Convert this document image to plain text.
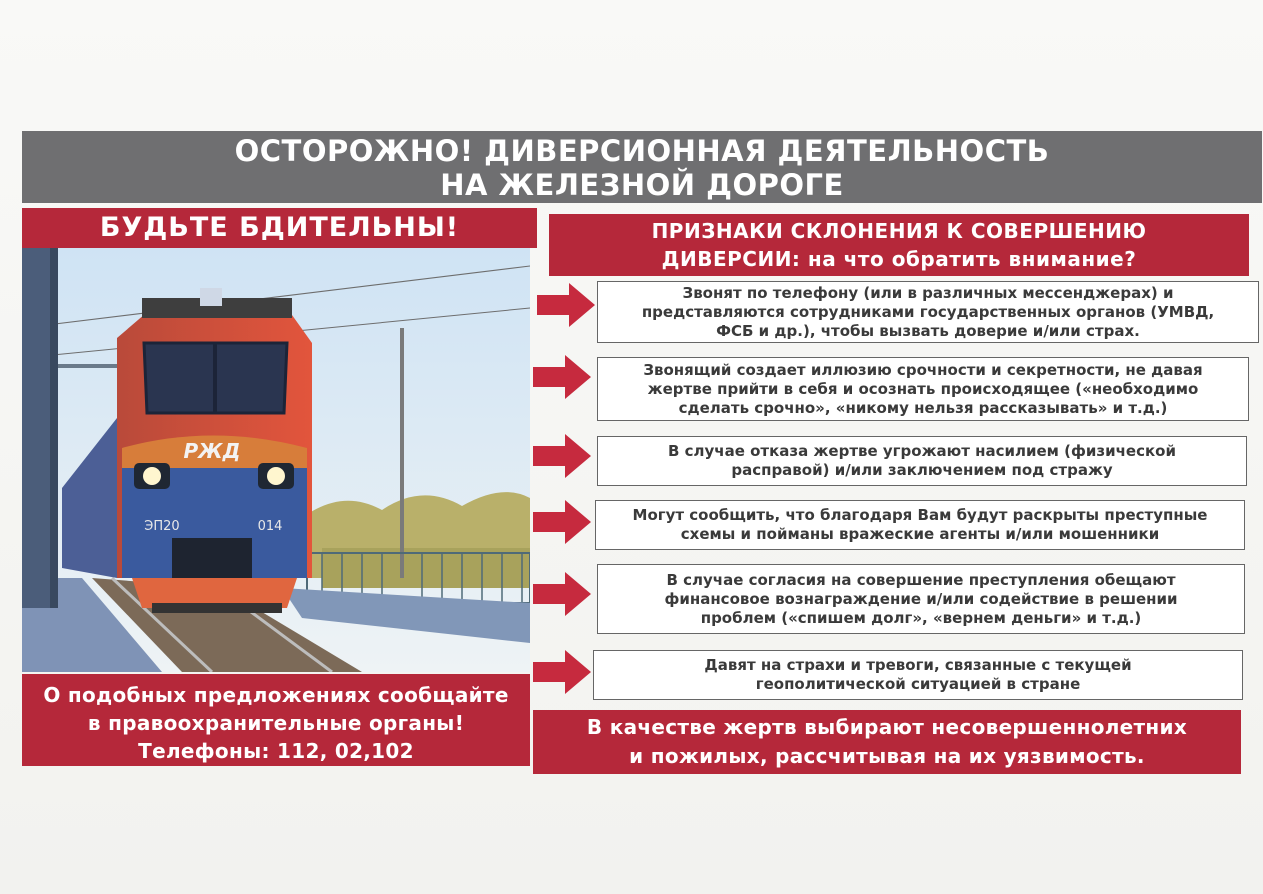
ОСТОРОЖНО! ДИВЕРСИОННАЯ ДЕЯТЕЛЬНОСТЬ
НА ЖЕЛЕЗНОЙ ДОРОГЕ
БУДЬТЕ БДИТЕЛЬНЫ!	ПРИЗНАКИ СКЛОНЕНИЯ К СОВЕРШЕНИЮ
ДИВЕРСИИ: на что обратить внимание?
РЖД
ЭП20	014
О подобных предложениях сообщайте
в правоохранительные органы!
Телефоны: 112, 02,102
Звонят по телефону (или в различных мессенджерах) и
представляются сотрудниками государственных органов (УМВД,
ФСБ и др.), чтобы вызвать доверие и/или страх.
Звонящий создает иллюзию срочности и секретности, не давая
жертве прийти в себя и осознать происходящее («необходимо
сделать срочно», «никому нельзя рассказывать» и т.д.)
В случае отказа жертве угрожают насилием (физической
расправой) и/или заключением под стражу
Могут сообщить, что благодаря Вам будут раскрыты преступные
схемы и пойманы вражеские агенты и/или мошенники
В случае согласия на совершение преступления обещают
финансовое вознаграждение и/или содействие в решении
проблем («спишем долг», «вернем деньги» и т.д.)
Давят на страхи и тревоги, связанные с текущей
геополитической ситуацией в стране
В качестве жертв выбирают несовершеннолетних
и пожилых, рассчитывая на их уязвимость.
